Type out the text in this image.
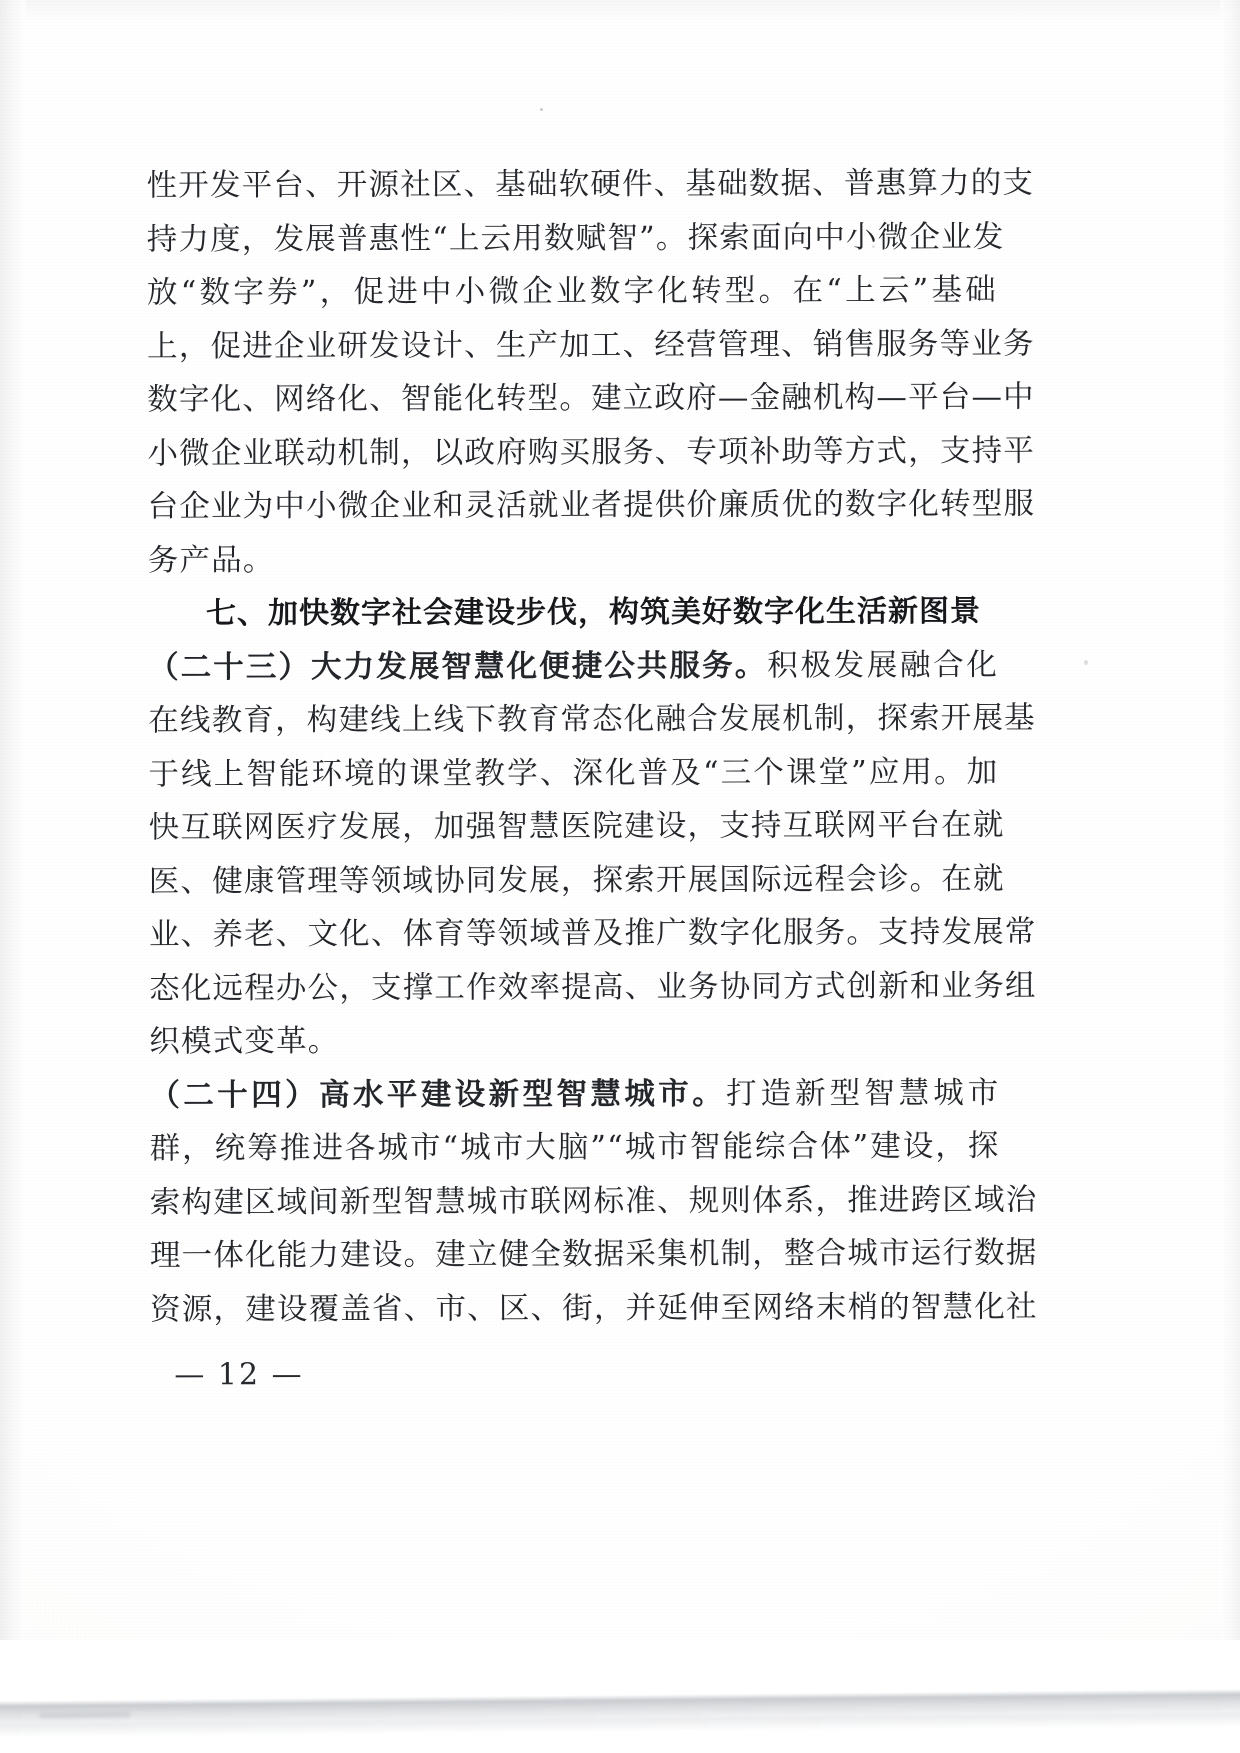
性开发平台、开源社区、基础软硬件、基础数据、普惠算力的支
持力度，发展普惠性“上云用数赋智”。探索面向中小微企业发
放“数字券”，促进中小微企业数字化转型。在“上云”基础
上，促进企业研发设计、生产加工、经营管理、销售服务等业务
数字化、网络化、智能化转型。建立政府—金融机构—平台—中
小微企业联动机制，以政府购买服务、专项补助等方式，支持平
台企业为中小微企业和灵活就业者提供价廉质优的数字化转型服
务产品。
七、加快数字社会建设步伐，构筑美好数字化生活新图景
（二十三）大力发展智慧化便捷公共服务。积极发展融合化
在线教育，构建线上线下教育常态化融合发展机制，探索开展基
于线上智能环境的课堂教学、深化普及“三个课堂”应用。加
快互联网医疗发展，加强智慧医院建设，支持互联网平台在就
医、健康管理等领域协同发展，探索开展国际远程会诊。在就
业、养老、文化、体育等领域普及推广数字化服务。支持发展常
态化远程办公，支撑工作效率提高、业务协同方式创新和业务组
织模式变革。
（二十四）高水平建设新型智慧城市。打造新型智慧城市
群，统筹推进各城市“城市大脑”“城市智能综合体”建设，探
索构建区域间新型智慧城市联网标准、规则体系，推进跨区域治
理一体化能力建设。建立健全数据采集机制，整合城市运行数据
资源，建设覆盖省、市、区、街，并延伸至网络末梢的智慧化社
— 12 —
